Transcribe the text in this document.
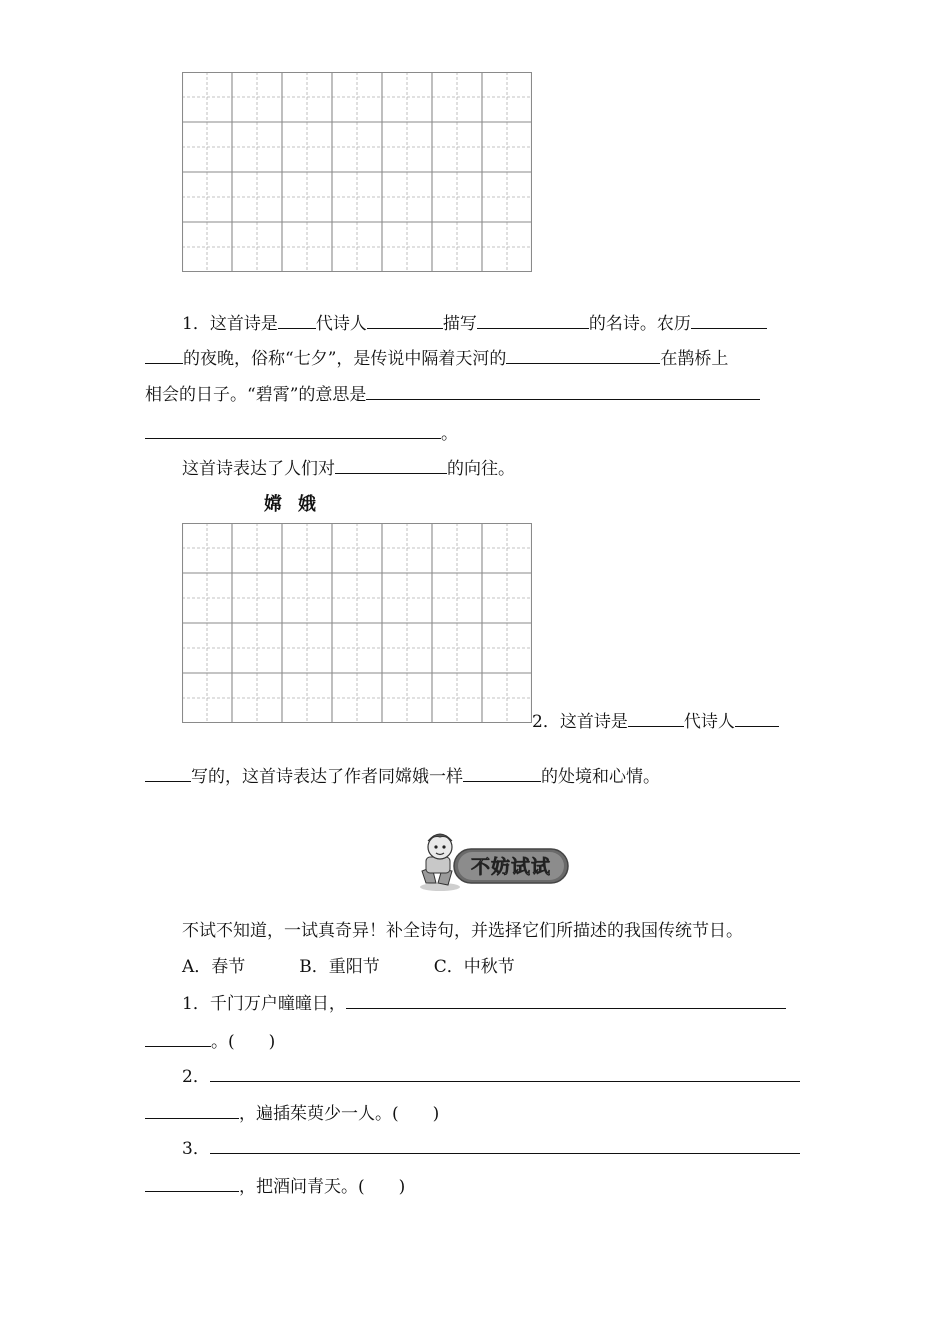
1．这首诗是 代诗人	描写	的名诗。农历
的夜晚，俗称“七夕”，是传说中隔着天河的	在鹊桥上
相会的日子。“碧霄”的意思是
。
这首诗表达了人们对	的向往。
嫦娥
2．这首诗是	代诗人
写的，这首诗表达了作者同嫦娥一样	的处境和心情。
不妨试试
不试不知道，一试真奇异！补全诗句，并选择它们所描述的我国传统节日。
A．春节	B．重阳节	C．中秋节
1．千门万户曈曈日，
。(　　)
2．
，遍插茱萸少一人。(　　)
3．
，把酒问青天。(　　)
